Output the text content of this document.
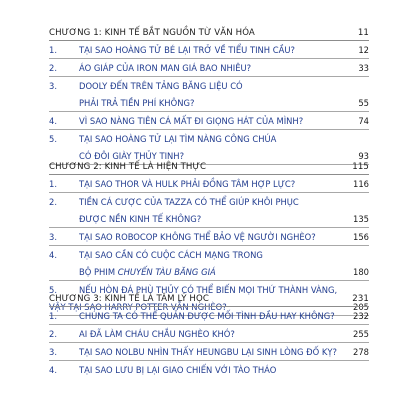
CHƯƠNG 1: KINH TẾ BẮT NGUỒN TỪ VĂN HÓA	11
1.	TẠI SAO HOÀNG TỬ BÉ LẠI TRỞ VỀ TIỂU TINH CẦU?	12
2.	ÁO GIÁP CỦA IRON MAN GIÁ BAO NHIÊU?	33
3.	DOOLY ĐẾN TRÊN TẢNG BĂNG LIỆU CÓ
PHẢI TRẢ TIỀN PHÍ KHÔNG?	55
4.	VÌ SAO NÀNG TIÊN CÁ MẤT ĐI GIỌNG HÁT CỦA MÌNH?	74
5.	TẠI SAO HOÀNG TỬ LẠI TÌM NÀNG CÔNG CHÚA
CÓ ĐÔI GIÀY THỦY TINH?	93
CHƯƠNG 2: KINH TẾ LÀ HIỆN THỰC	115
1.	TẠI SAO THOR VÀ HULK PHẢI ĐỒNG TÂM HỢP LỰC?	116
2.	TIỀN CÁ CƯỢC CỦA TAZZA CÓ THỂ GIÚP KHÔI PHỤC
ĐƯỢC NỀN KINH TẾ KHÔNG?	135
3.	TẠI SAO ROBOCOP KHÔNG THỂ BẢO VỆ NGƯỜI NGHÈO?	156
4.	TẠI SAO CẦN CÓ CUỘC CÁCH MẠNG TRONG
BỘ PHIM CHUYẾN TÀU BĂNG GIÁ	180
5.	NẾU HÒN ĐÁ PHÙ THỦY CÓ THỂ BIẾN MỌI THỨ THÀNH VÀNG,
VẬY TẠI SAO HARRY POTTER VẪN NGHÈO?	205
CHƯƠNG 3: KINH TẾ LÀ TÂM LÝ HỌC	231
1.	CHÚNG TA CÓ THỂ QUẢN ĐƯỢC MỐI TÌNH ĐẦU HAY KHÔNG?	232
2.	AI ĐÃ LÀM CHÁU CHẮU NGHÈO KHÓ?	255
3.	TẠI SAO NOLBU NHÌN THẤY HEUNGBU LẠI SINH LÒNG ĐỐ KỴ?	278
4.	TẠI SAO LƯU BỊ LẠI GIAO CHIẾN VỚI TÀO THÁO
